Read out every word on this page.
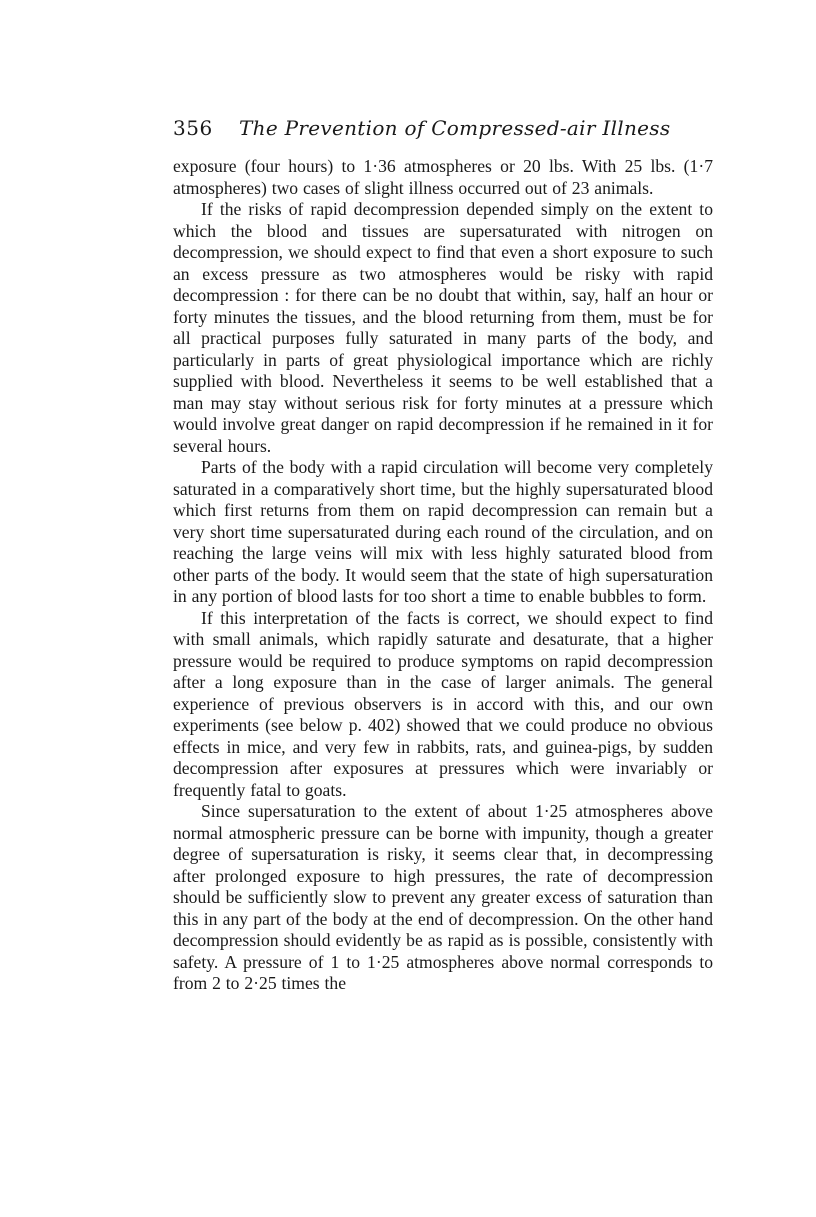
356	The Prevention of Compressed-air Illness

exposure (four hours) to 1·36 atmospheres or 20 lbs. With 25 lbs. (1·7 atmospheres) two cases of slight illness occurred out of 23 animals.

If the risks of rapid decompression depended simply on the extent to which the blood and tissues are supersaturated with nitrogen on decompression, we should expect to find that even a short exposure to such an excess pressure as two atmospheres would be risky with rapid decompression : for there can be no doubt that within, say, half an hour or forty minutes the tissues, and the blood returning from them, must be for all practical purposes fully saturated in many parts of the body, and particularly in parts of great physiological importance which are richly supplied with blood. Nevertheless it seems to be well established that a man may stay without serious risk for forty minutes at a pressure which would involve great danger on rapid decompression if he remained in it for several hours.

Parts of the body with a rapid circulation will become very completely saturated in a comparatively short time, but the highly supersaturated blood which first returns from them on rapid decompression can remain but a very short time supersaturated during each round of the circulation, and on reaching the large veins will mix with less highly saturated blood from other parts of the body. It would seem that the state of high supersaturation in any portion of blood lasts for too short a time to enable bubbles to form.

If this interpretation of the facts is correct, we should expect to find with small animals, which rapidly saturate and desaturate, that a higher pressure would be required to produce symptoms on rapid decompression after a long exposure than in the case of larger animals. The general experience of previous observers is in accord with this, and our own experiments (see below p. 402) showed that we could produce no obvious effects in mice, and very few in rabbits, rats, and guinea-pigs, by sudden decompression after exposures at pressures which were invariably or frequently fatal to goats.

Since supersaturation to the extent of about 1·25 atmospheres above normal atmospheric pressure can be borne with impunity, though a greater degree of supersaturation is risky, it seems clear that, in decompressing after prolonged exposure to high pressures, the rate of decompression should be sufficiently slow to prevent any greater excess of saturation than this in any part of the body at the end of decompression. On the other hand decompression should evidently be as rapid as is possible, consistently with safety. A pressure of 1 to 1·25 atmospheres above normal corresponds to from 2 to 2·25 times the
